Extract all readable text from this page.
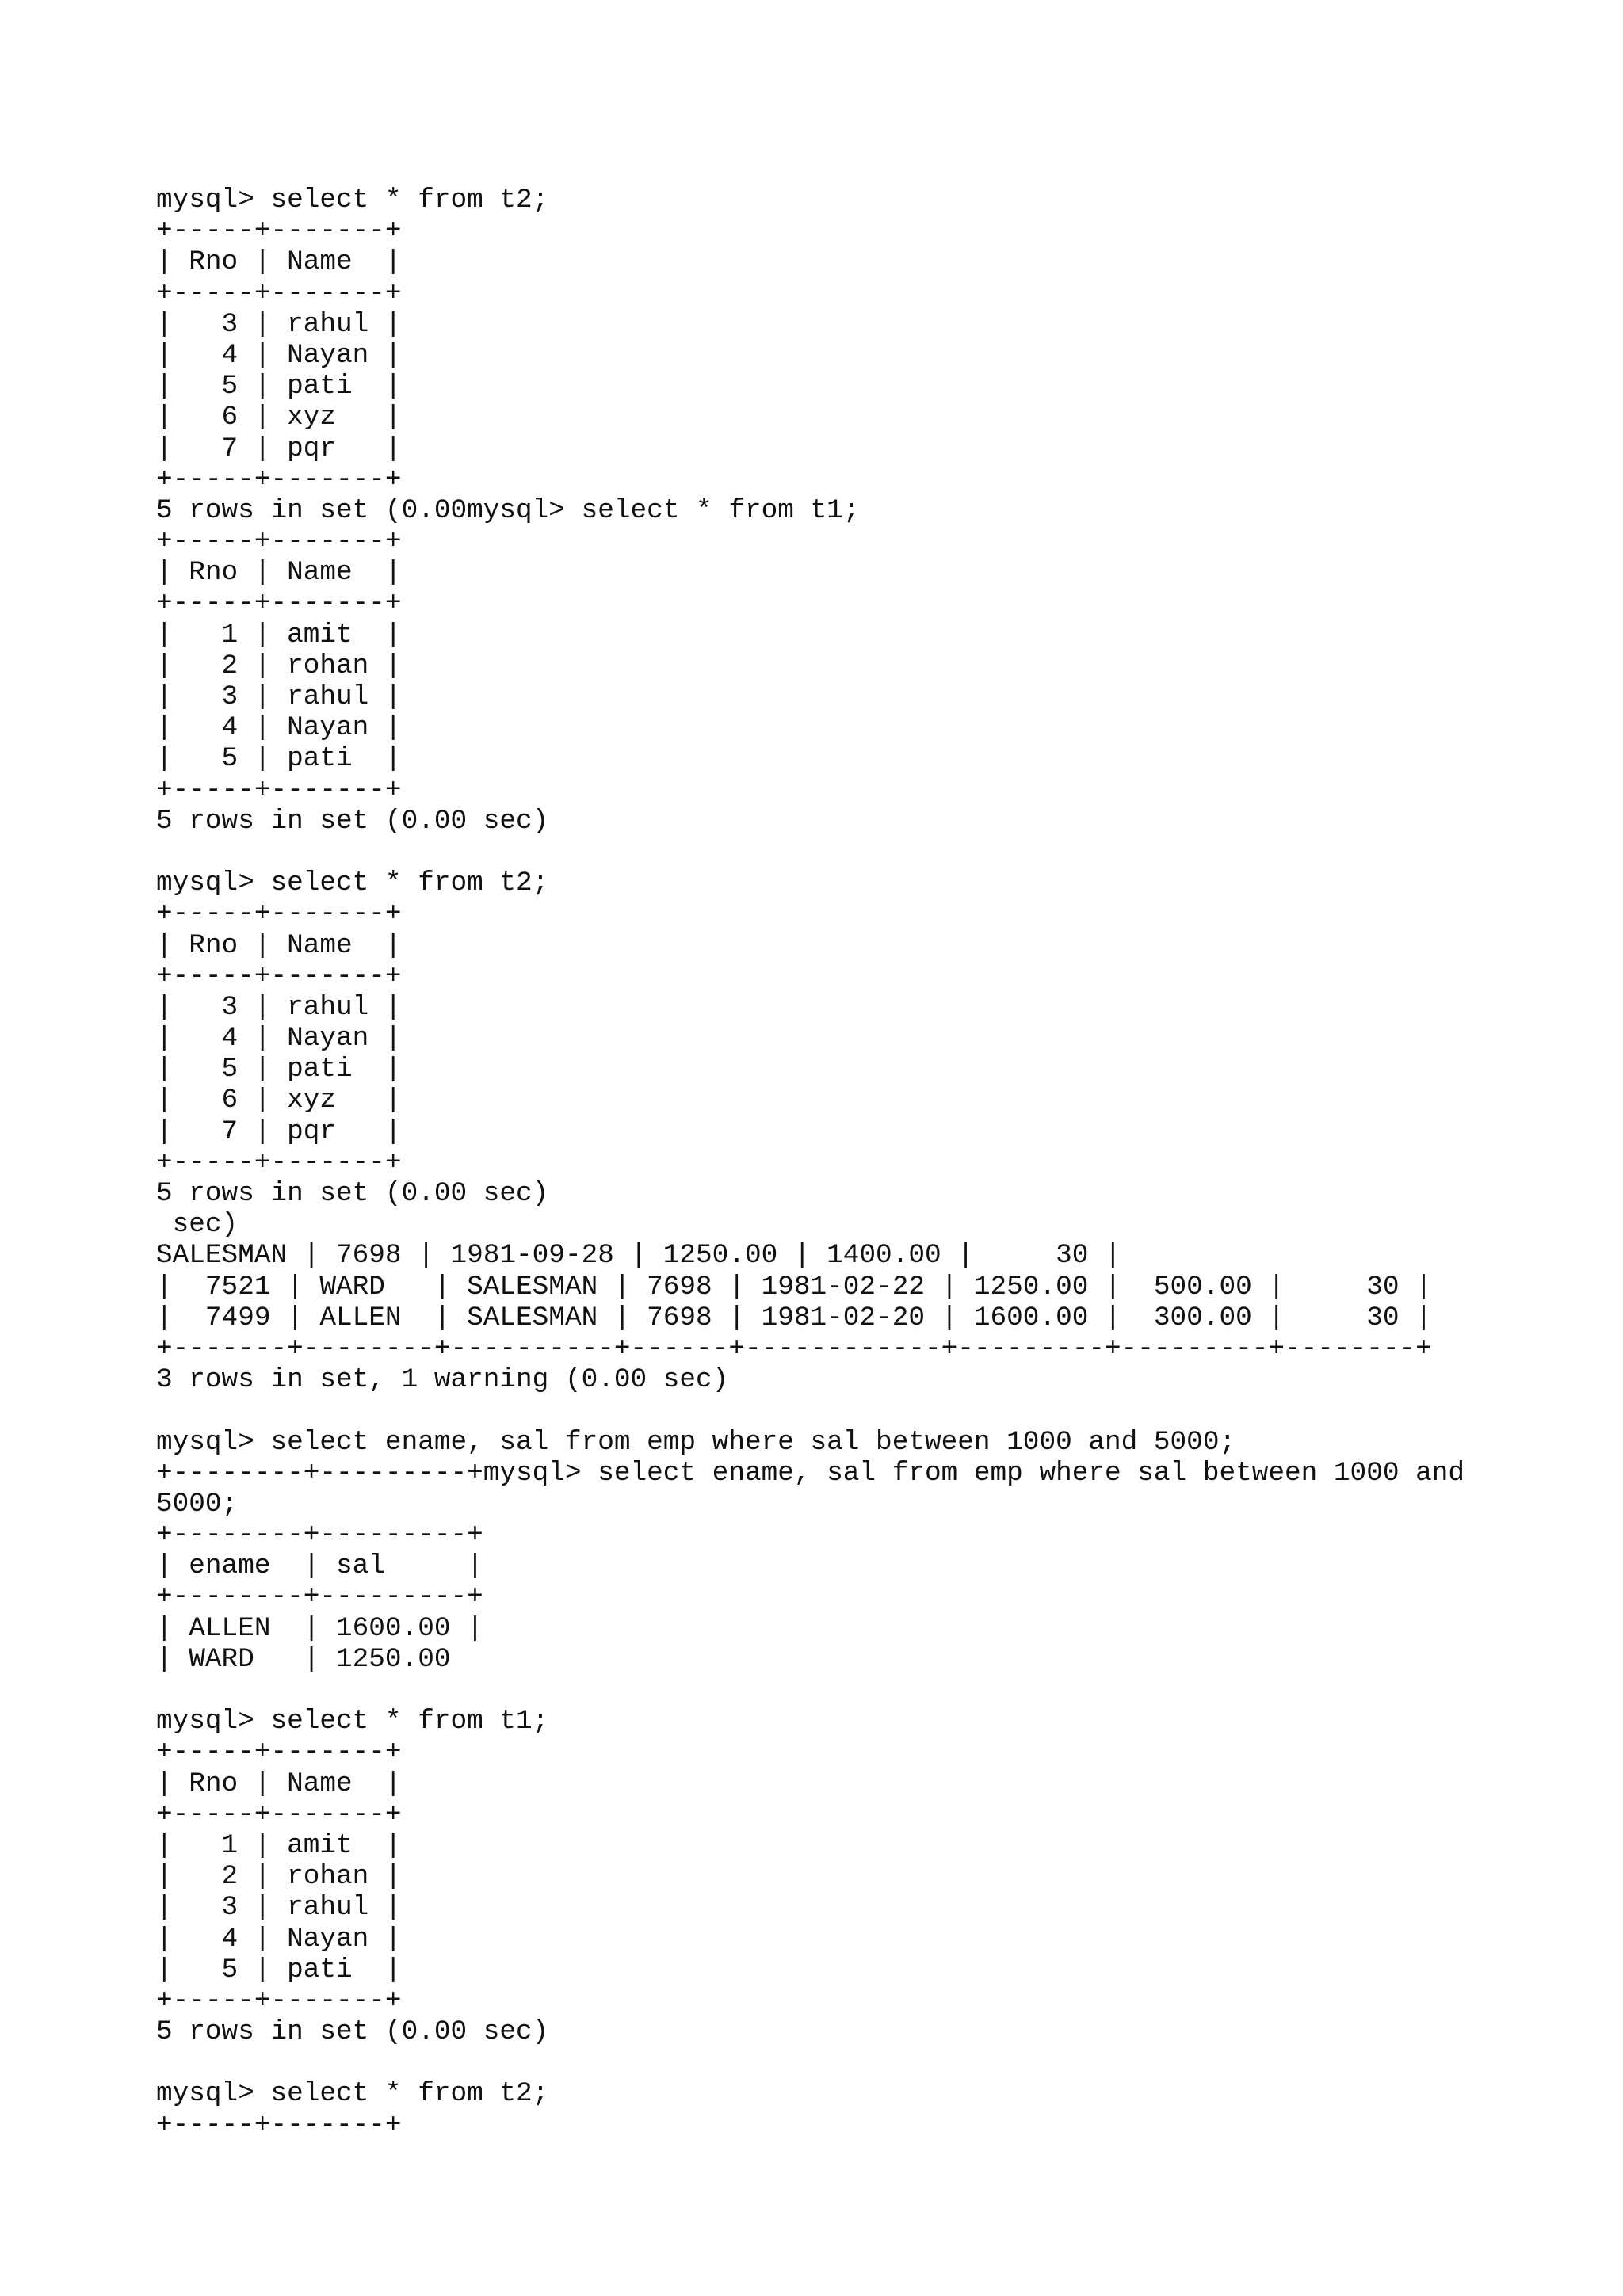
mysql> select * from t2;
+-----+-------+
| Rno | Name  |
+-----+-------+
|   3 | rahul |
|   4 | Nayan |
|   5 | pati  |
|   6 | xyz   |
|   7 | pqr   |
+-----+-------+
5 rows in set (0.00mysql> select * from t1;
+-----+-------+
| Rno | Name  |
+-----+-------+
|   1 | amit  |
|   2 | rohan |
|   3 | rahul |
|   4 | Nayan |
|   5 | pati  |
+-----+-------+
5 rows in set (0.00 sec)
mysql> select * from t2;
+-----+-------+
| Rno | Name  |
+-----+-------+
|   3 | rahul |
|   4 | Nayan |
|   5 | pati  |
|   6 | xyz   |
|   7 | pqr   |
+-----+-------+
5 rows in set (0.00 sec)
sec)
SALESMAN | 7698 | 1981-09-28 | 1250.00 | 1400.00 |     30 |
|  7521 | WARD   | SALESMAN | 7698 | 1981-02-22 | 1250.00 |  500.00 |     30 |
|  7499 | ALLEN  | SALESMAN | 7698 | 1981-02-20 | 1600.00 |  300.00 |     30 |
+-------+--------+----------+------+------------+---------+---------+--------+
3 rows in set, 1 warning (0.00 sec)
mysql> select ename, sal from emp where sal between 1000 and 5000;
+--------+---------+mysql> select ename, sal from emp where sal between 1000 and
5000;
+--------+---------+
| ename  | sal     |
+--------+---------+
| ALLEN  | 1600.00 |
| WARD   | 1250.00
mysql> select * from t1;
+-----+-------+
| Rno | Name  |
+-----+-------+
|   1 | amit  |
|   2 | rohan |
|   3 | rahul |
|   4 | Nayan |
|   5 | pati  |
+-----+-------+
5 rows in set (0.00 sec)
mysql> select * from t2;
+-----+-------+
